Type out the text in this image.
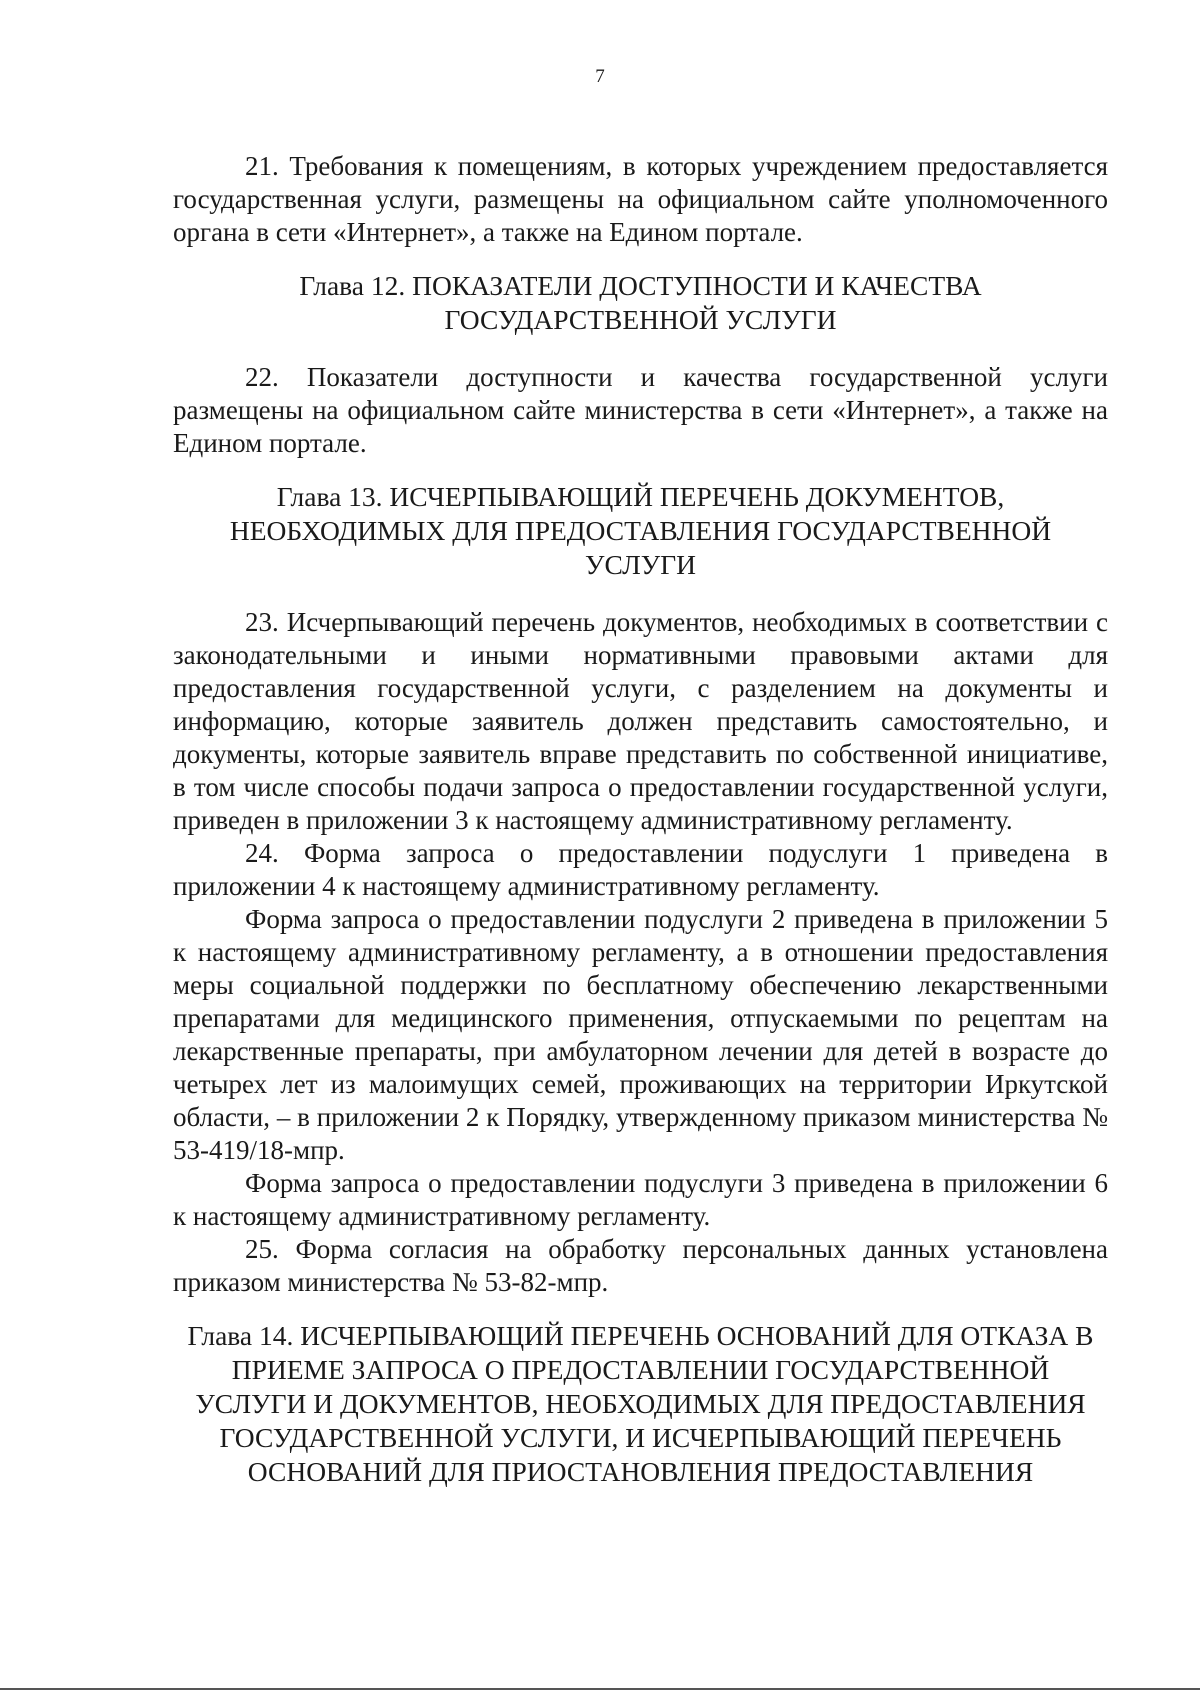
7

21. Требования к помещениям, в которых учреждением предоставляется государственная услуги, размещены на официальном сайте уполномоченного органа в сети «Интернет», а также на Едином портале.

Глава 12. ПОКАЗАТЕЛИ ДОСТУПНОСТИ И КАЧЕСТВА
ГОСУДАРСТВЕННОЙ УСЛУГИ

22. Показатели доступности и качества государственной услуги размещены на официальном сайте министерства в сети «Интернет», а также на Едином портале.

Глава 13. ИСЧЕРПЫВАЮЩИЙ ПЕРЕЧЕНЬ ДОКУМЕНТОВ,
НЕОБХОДИМЫХ ДЛЯ ПРЕДОСТАВЛЕНИЯ ГОСУДАРСТВЕННОЙ
УСЛУГИ

23. Исчерпывающий перечень документов, необходимых в соответствии с законодательными и иными нормативными правовыми актами для предоставления государственной услуги, с разделением на документы и информацию, которые заявитель должен представить самостоятельно, и документы, которые заявитель вправе представить по собственной инициативе, в том числе способы подачи запроса о предоставлении государственной услуги, приведен в приложении 3 к настоящему административному регламенту.

24. Форма запроса о предоставлении подуслуги 1 приведена в приложении 4 к настоящему административному регламенту.

Форма запроса о предоставлении подуслуги 2 приведена в приложении 5 к настоящему административному регламенту, а в отношении предоставления меры социальной поддержки по бесплатному обеспечению лекарственными препаратами для медицинского применения, отпускаемыми по рецептам на лекарственные препараты, при амбулаторном лечении для детей в возрасте до четырех лет из малоимущих семей, проживающих на территории Иркутской области, – в приложении 2 к Порядку, утвержденному приказом министерства № 53-419/18-мпр.

Форма запроса о предоставлении подуслуги 3 приведена в приложении 6 к настоящему административному регламенту.

25. Форма согласия на обработку персональных данных установлена приказом министерства № 53-82-мпр.

Глава 14. ИСЧЕРПЫВАЮЩИЙ ПЕРЕЧЕНЬ ОСНОВАНИЙ ДЛЯ ОТКАЗА В
ПРИЕМЕ ЗАПРОСА О ПРЕДОСТАВЛЕНИИ ГОСУДАРСТВЕННОЙ
УСЛУГИ И ДОКУМЕНТОВ, НЕОБХОДИМЫХ ДЛЯ ПРЕДОСТАВЛЕНИЯ
ГОСУДАРСТВЕННОЙ УСЛУГИ, И ИСЧЕРПЫВАЮЩИЙ ПЕРЕЧЕНЬ
ОСНОВАНИЙ ДЛЯ ПРИОСТАНОВЛЕНИЯ ПРЕДОСТАВЛЕНИЯ
